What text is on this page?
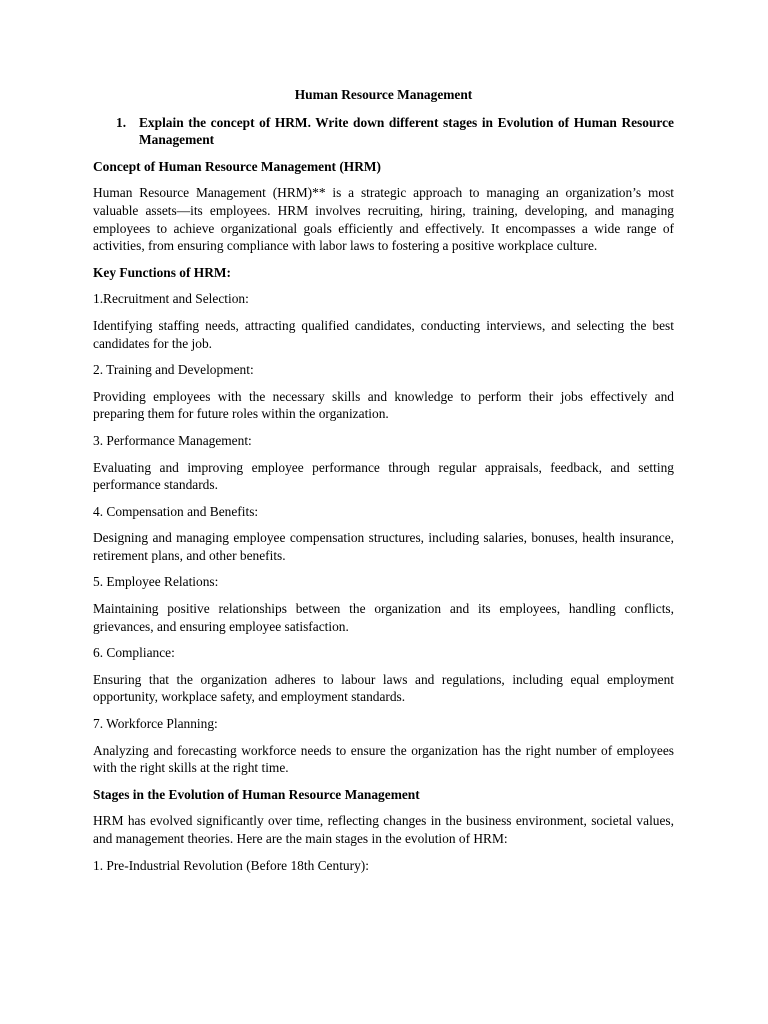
Human Resource Management
1. Explain the concept of HRM. Write down different stages in Evolution of Human Resource Management
Concept of Human Resource Management (HRM)
Human Resource Management (HRM)** is a strategic approach to managing an organization’s most valuable assets—its employees. HRM involves recruiting, hiring, training, developing, and managing employees to achieve organizational goals efficiently and effectively. It encompasses a wide range of activities, from ensuring compliance with labor laws to fostering a positive workplace culture.
Key Functions of HRM:
1.Recruitment and Selection:
Identifying staffing needs, attracting qualified candidates, conducting interviews, and selecting the best candidates for the job.
2. Training and Development:
Providing employees with the necessary skills and knowledge to perform their jobs effectively and preparing them for future roles within the organization.
3. Performance Management:
Evaluating and improving employee performance through regular appraisals, feedback, and setting performance standards.
4. Compensation and Benefits:
Designing and managing employee compensation structures, including salaries, bonuses, health insurance, retirement plans, and other benefits.
5. Employee Relations:
Maintaining positive relationships between the organization and its employees, handling conflicts, grievances, and ensuring employee satisfaction.
6. Compliance:
Ensuring that the organization adheres to labour laws and regulations, including equal employment opportunity, workplace safety, and employment standards.
7. Workforce Planning:
Analyzing and forecasting workforce needs to ensure the organization has the right number of employees with the right skills at the right time.
Stages in the Evolution of Human Resource Management
HRM has evolved significantly over time, reflecting changes in the business environment, societal values, and management theories. Here are the main stages in the evolution of HRM:
1. Pre-Industrial Revolution (Before 18th Century):
